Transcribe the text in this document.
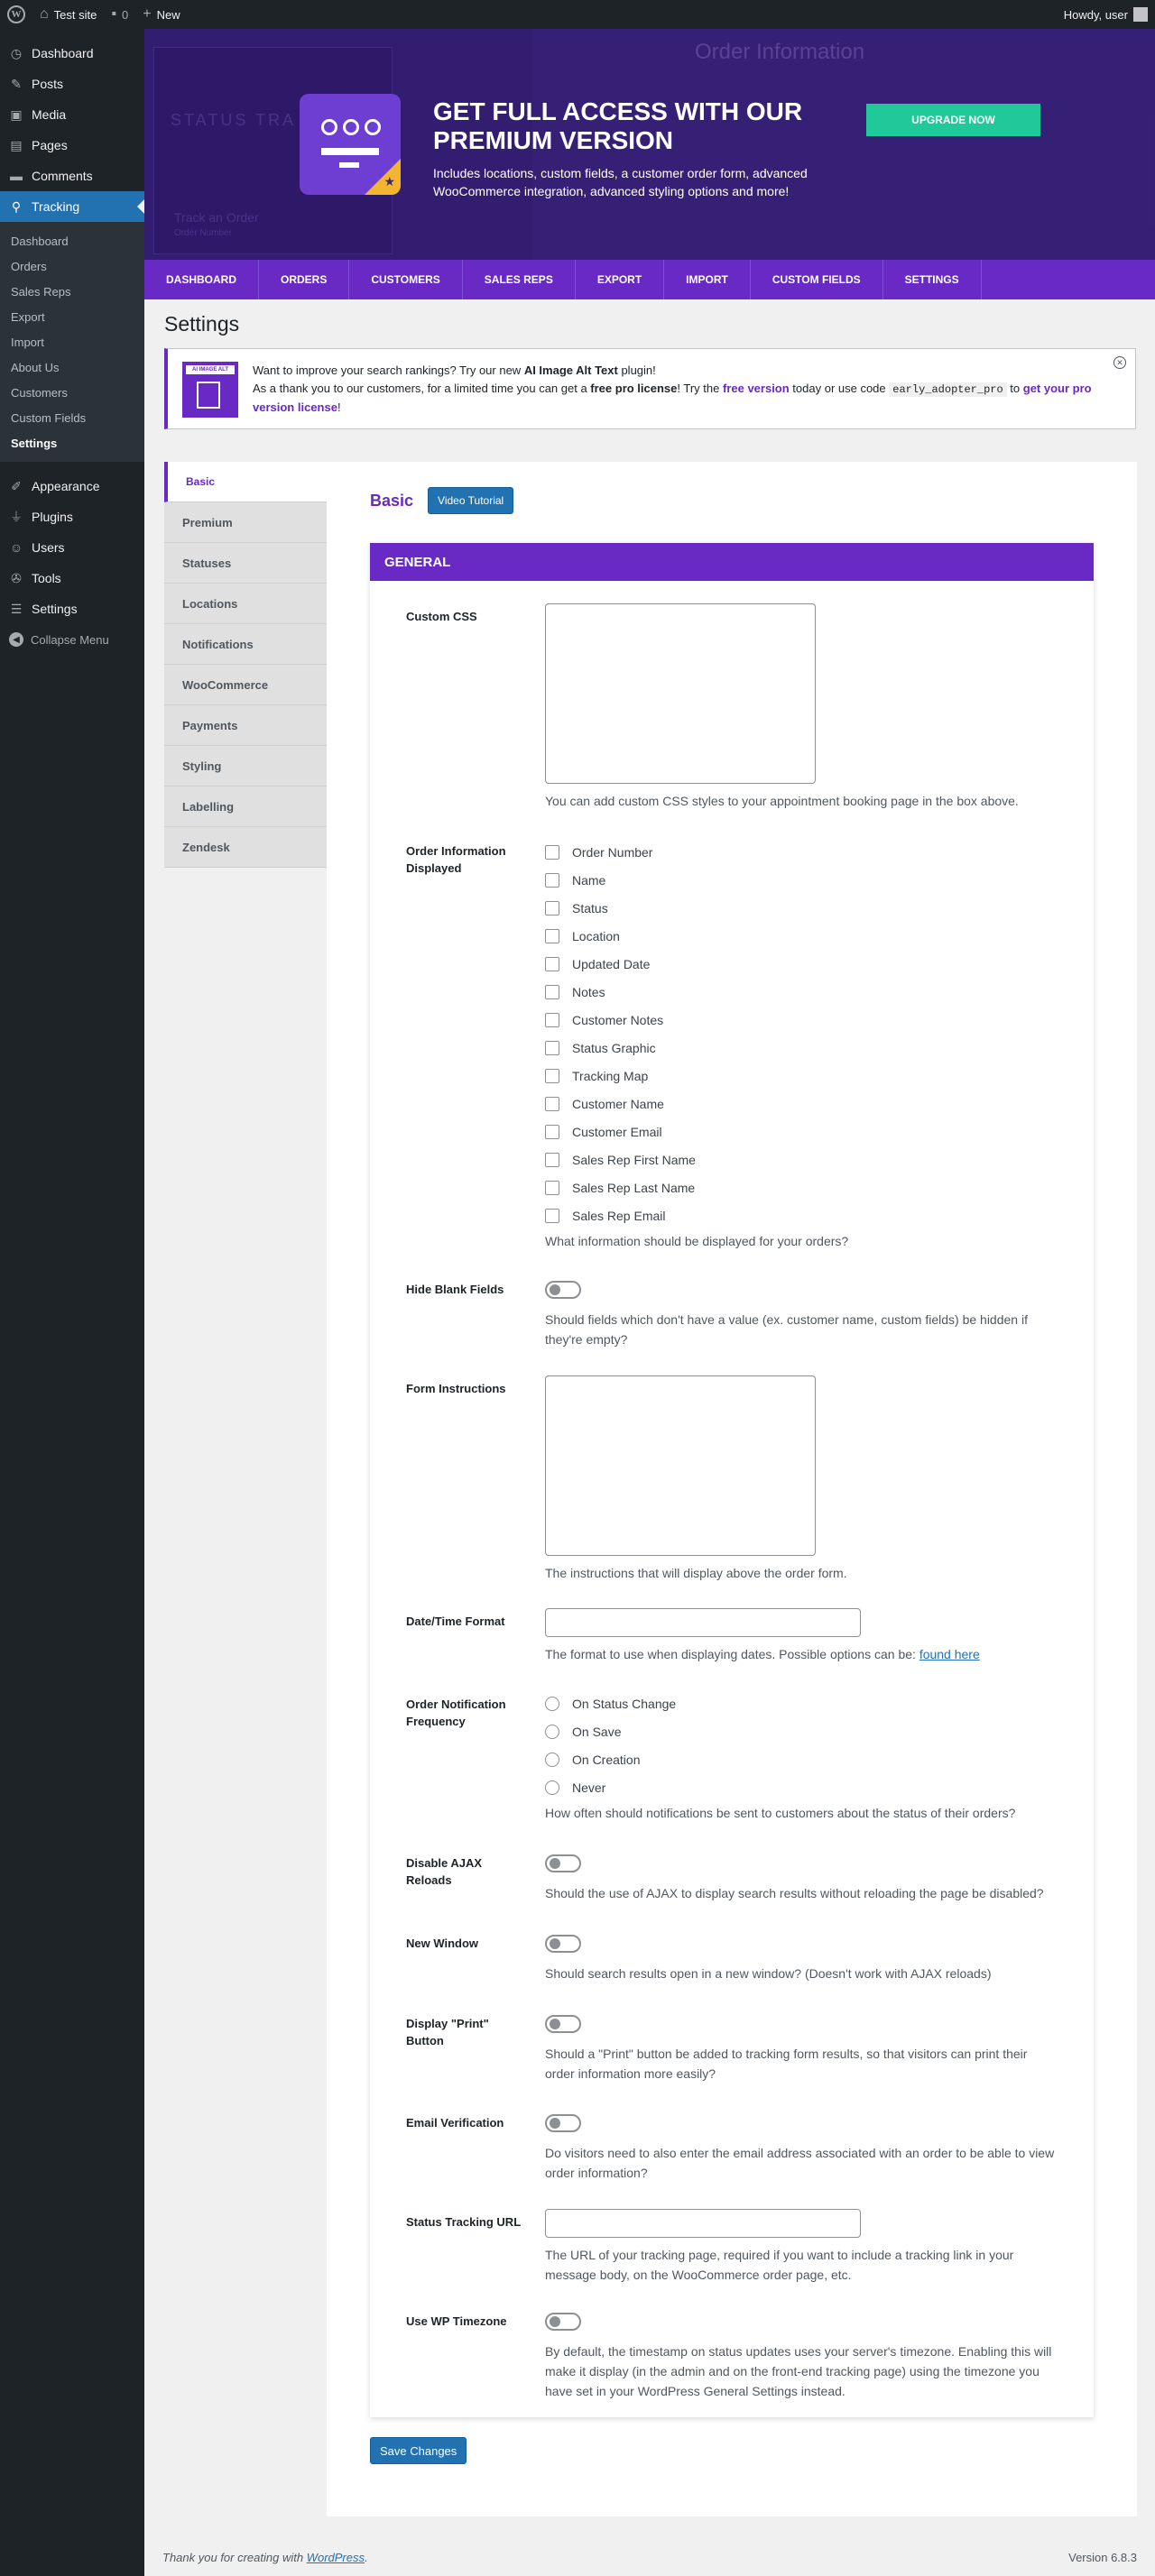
W ⌂ Test site ▪ 0 + New	Howdy, user
◷ Dashboard
✎ Posts
▣ Media
▤ Pages
▬ Comments
⚲ Tracking
Dashboard
Orders
Sales Reps
Export
Import
About Us
Customers
Custom Fields
Settings
✐ Appearance
⏚ Plugins
☺ Users
✇ Tools
☰ Settings
◀ Collapse Menu
★
GET FULL ACCESS WITH OUR PREMIUM VERSION
Includes locations, custom fields, a customer order form, advanced WooCommerce integration, advanced styling options and more!
UPGRADE NOW
DASHBOARD	ORDERS	CUSTOMERS	SALES REPS	EXPORT	IMPORT	CUSTOM FIELDS	SETTINGS
Settings
AI IMAGE ALT TEXT
Want to improve your search rankings? Try our new AI Image Alt Text plugin!
As a thank you to our customers, for a limited time you can get a free pro license! Try the free version today or use code early_adopter_pro to get your pro version license!
✕
Basic
Premium
Statuses
Locations
Notifications
WooCommerce
Payments
Styling
Labelling
Zendesk
Basic	Video Tutorial
GENERAL
Custom CSS
You can add custom CSS styles to your appointment booking page in the box above.
Order Information Displayed
Order Number
Name
Status
Location
Updated Date
Notes
Customer Notes
Status Graphic
Tracking Map
Customer Name
Customer Email
Sales Rep First Name
Sales Rep Last Name
Sales Rep Email
What information should be displayed for your orders?
Hide Blank Fields
Should fields which don't have a value (ex. customer name, custom fields) be hidden if they're empty?
Form Instructions
The instructions that will display above the order form.
Date/Time Format
The format to use when displaying dates. Possible options can be: found here
Order Notification Frequency
On Status Change
On Save
On Creation
Never
How often should notifications be sent to customers about the status of their orders?
Disable AJAX Reloads
Should the use of AJAX to display search results without reloading the page be disabled?
New Window
Should search results open in a new window? (Doesn't work with AJAX reloads)
Display "Print" Button
Should a "Print" button be added to tracking form results, so that visitors can print their order information more easily?
Email Verification
Do visitors need to also enter the email address associated with an order to be able to view order information?
Status Tracking URL
The URL of your tracking page, required if you want to include a tracking link in your message body, on the WooCommerce order page, etc.
Use WP Timezone
By default, the timestamp on status updates uses your server's timezone. Enabling this will make it display (in the admin and on the front-end tracking page) using the timezone you have set in your WordPress General Settings instead.
Save Changes
Thank you for creating with WordPress.	Version 6.8.3
